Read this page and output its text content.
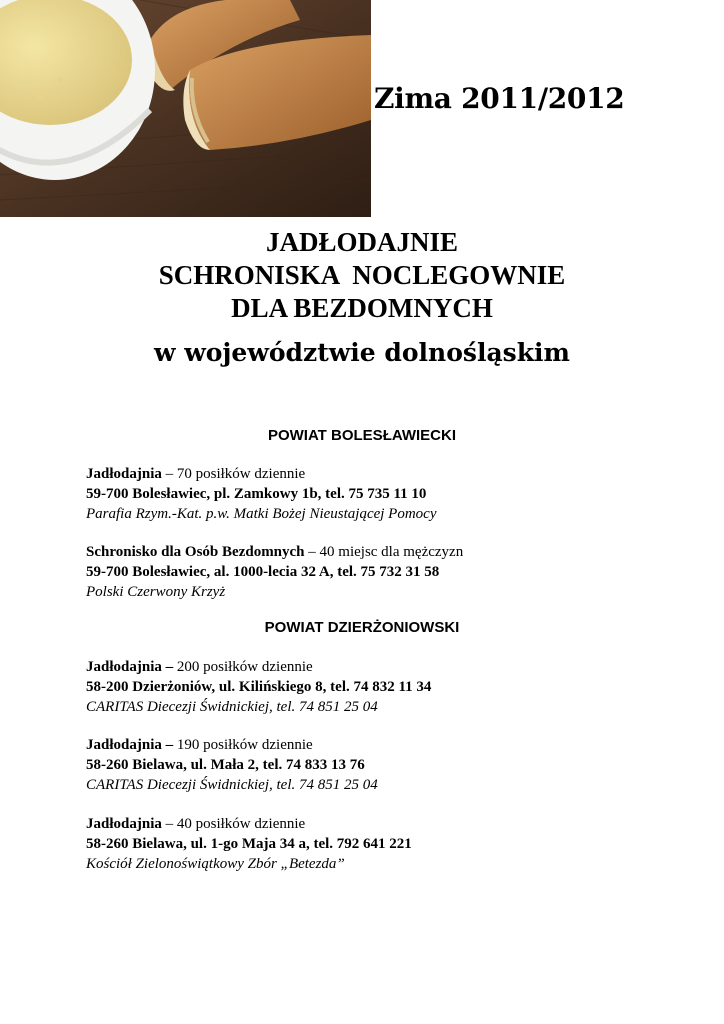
Zima 2011/2012
JADŁODAJNIE
SCHRONISKA  NOCLEGOWNIE
DLA BEZDOMNYCH
w województwie dolnośląskim
POWIAT BOLESŁAWIECKI
Jadłodajnia – 70 posiłków dziennie
59-700 Bolesławiec, pl. Zamkowy 1b, tel. 75 735 11 10
Parafia Rzym.-Kat. p.w. Matki Bożej Nieustającej Pomocy
Schronisko dla Osób Bezdomnych – 40 miejsc dla mężczyzn
59-700 Bolesławiec, al. 1000-lecia 32 A, tel. 75 732 31 58
Polski Czerwony Krzyż
POWIAT DZIERŻONIOWSKI
Jadłodajnia – 200 posiłków dziennie
58-200 Dzierżoniów, ul. Kilińskiego 8, tel. 74 832 11 34
CARITAS Diecezji Świdnickiej, tel. 74 851 25 04
Jadłodajnia – 190 posiłków dziennie
58-260 Bielawa, ul. Mała 2, tel. 74 833 13 76
CARITAS Diecezji Świdnickiej, tel. 74 851 25 04
Jadłodajnia – 40 posiłków dziennie
58-260 Bielawa, ul. 1-go Maja 34 a, tel. 792 641 221
Kościół Zielonoświątkowy Zbór „Betezda”
